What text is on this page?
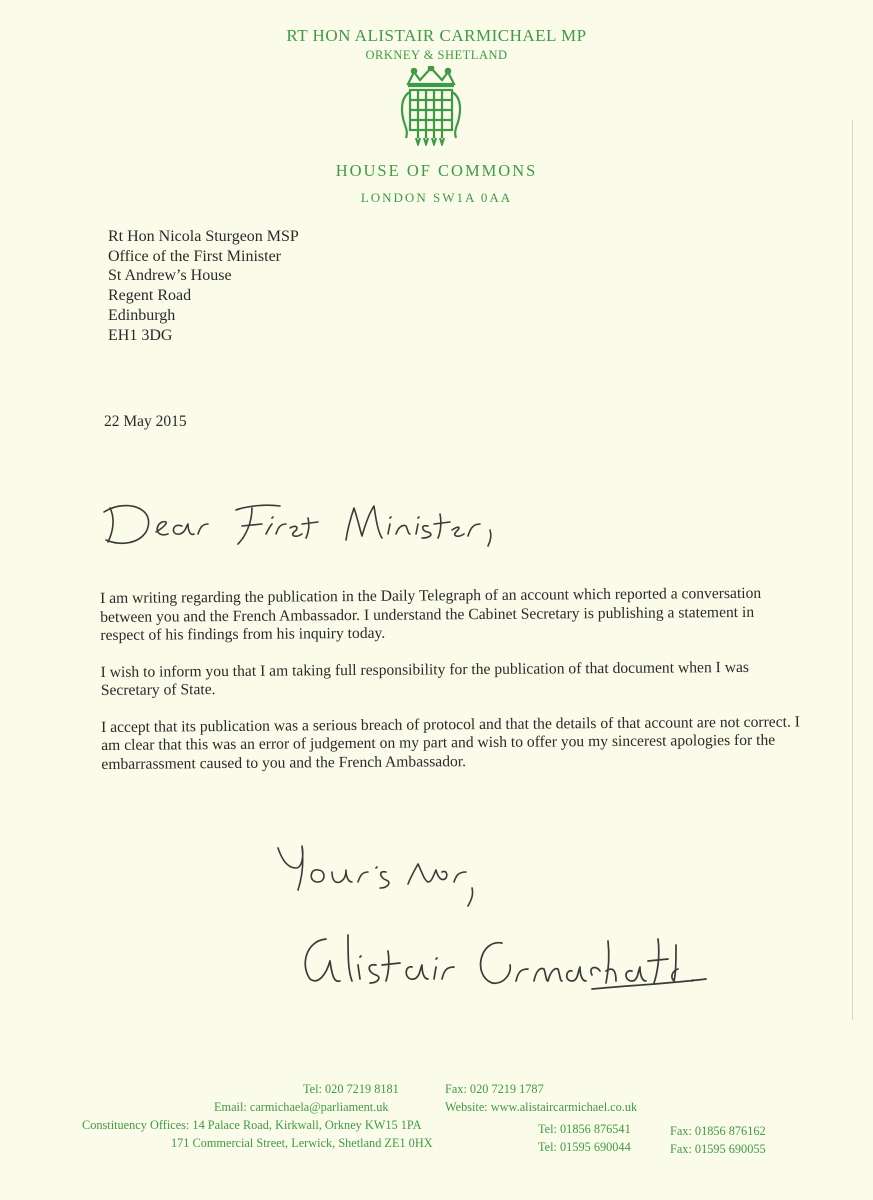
RT HON ALISTAIR CARMICHAEL MP
ORKNEY & SHETLAND
HOUSE OF COMMONS
LONDON SW1A 0AA
Rt Hon Nicola Sturgeon MSP
Office of the First Minister
St Andrew’s House
Regent Road
Edinburgh
EH1 3DG
22 May 2015

I am writing regarding the publication in the Daily Telegraph of an account which reported a conversation between you and the French Ambassador. I understand the Cabinet Secretary is publishing a statement in respect of his findings from his inquiry today.

I wish to inform you that I am taking full responsibility for the publication of that document when I was Secretary of State.

I accept that its publication was a serious breach of protocol and that the details of that account are not correct. I am clear that this was an error of judgement on my part and wish to offer you my sincerest apologies for the embarrassment caused to you and the French Ambassador.

Tel: 020 7219 8181	Fax: 020 7219 1787
Email: carmichaela@parliament.uk	Website: www.alistaircarmichael.co.uk
Constituency Offices: 14 Palace Road, Kirkwall, Orkney KW15 1PA	Tel: 01856 876541	Fax: 01856 876162
171 Commercial Street, Lerwick, Shetland ZE1 0HX	Tel: 01595 690044	Fax: 01595 690055
